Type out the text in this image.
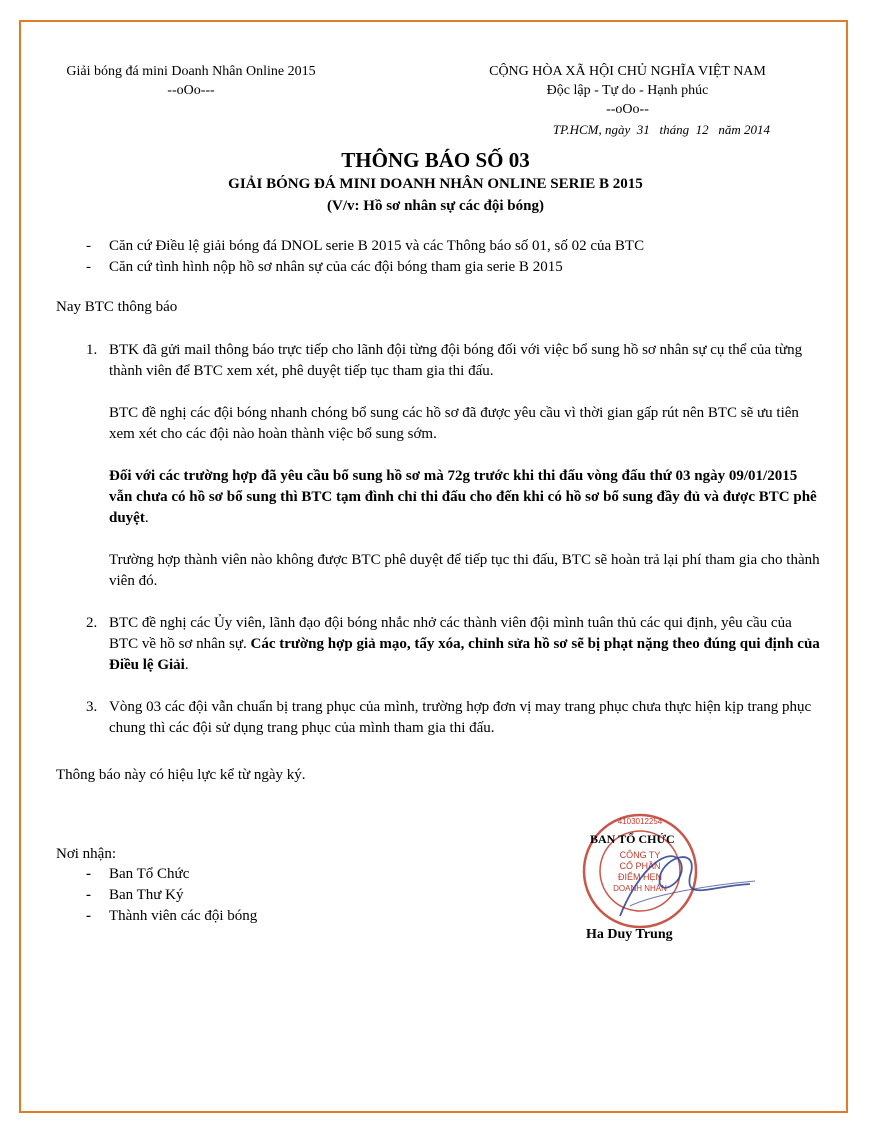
Giải bóng đá mini Doanh Nhân Online 2015
--oOo---
CỘNG HÒA XÃ HỘI CHỦ NGHĨA VIỆT NAM
Độc lập - Tự do - Hạnh phúc
--oOo--
TP.HCM, ngày  31   tháng  12   năm 2014
THÔNG BÁO SỐ 03
GIẢI BÓNG ĐÁ MINI DOANH NHÂN ONLINE SERIE B 2015
(V/v: Hồ sơ nhân sự các đội bóng)
-	Căn cứ Điều lệ giải bóng đá DNOL serie B 2015 và các Thông báo số 01, số 02 của BTC
-	Căn cứ tình hình nộp hồ sơ nhân sự của các đội bóng tham gia serie B 2015
Nay BTC thông báo
1. BTK đã gửi mail thông báo trực tiếp cho lãnh đội từng đội bóng đối với việc bổ sung hồ sơ nhân sự cụ thể của từng thành viên để BTC xem xét, phê duyệt tiếp tục tham gia thi đấu.

BTC đề nghị các đội bóng nhanh chóng bổ sung các hồ sơ đã được yêu cầu vì thời gian gấp rút nên BTC sẽ ưu tiên xem xét cho các đội nào hoàn thành việc bổ sung sớm.

Đối với các trường hợp đã yêu cầu bổ sung hồ sơ mà 72g trước khi thi đấu vòng đấu thứ 03 ngày 09/01/2015 vẫn chưa có hồ sơ bổ sung thì BTC tạm đình chỉ thi đấu cho đến khi có hồ sơ bổ sung đầy đủ và được BTC phê duyệt.

Trường hợp thành viên nào không được BTC phê duyệt để tiếp tục thi đấu, BTC sẽ hoàn trả lại phí tham gia cho thành viên đó.

2. BTC đề nghị các Ủy viên, lãnh đạo đội bóng nhắc nhở các thành viên đội mình tuân thủ các qui định, yêu cầu của BTC về hồ sơ nhân sự. Các trường hợp giả mạo, tẩy xóa, chỉnh sửa hồ sơ sẽ bị phạt nặng theo đúng qui định của Điều lệ Giải.

3. Vòng 03 các đội vẫn chuẩn bị trang phục của mình, trường hợp đơn vị may trang phục chưa thực hiện kịp trang phục chung thì các đội sử dụng trang phục của mình tham gia thi đấu.

Thông báo này có hiệu lực kể từ ngày ký.
Nơi nhận:
-	Ban Tổ Chức
-	Ban Thư Ký
-	Thành viên các đội bóng
CÔNG TY
CỔ PHẦN
ĐIỂM HẸN
DOANH NHÂN
4103012254
BAN TỔ CHỨC
Ha Duy Trung
